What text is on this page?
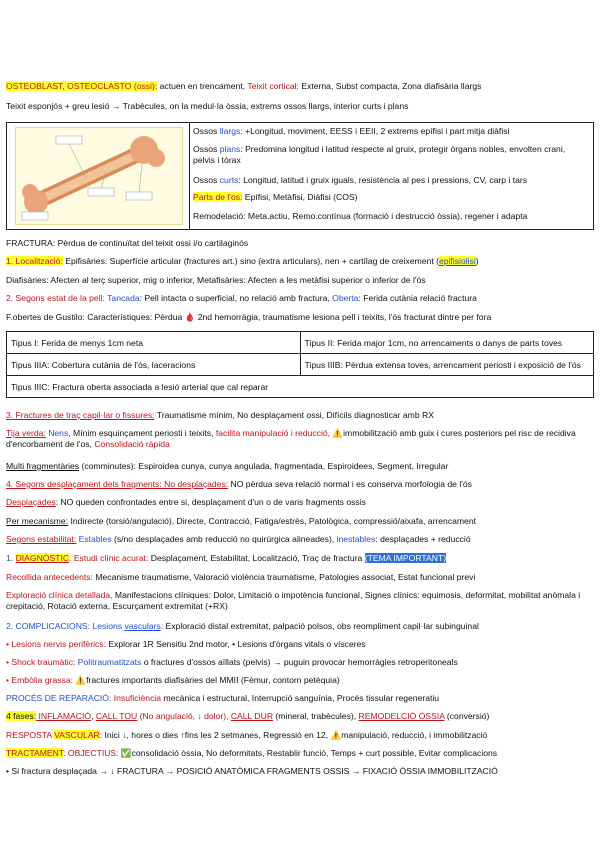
OSTEOBLAST, OSTEOCLASTO (ossi): actuen en trencament, Teixit cortical: Externa, Subst compacta, Zona diafisària llargs
Teixit esponjós + greu lesió → Trabècules, on la medul·la òssia, extrems ossos llargs, interior curts i plans
Ossos llargs: +Longitud, moviment, EESS i EEII, 2 extrems epífisi i part mitja diàfisi
Ossos plans: Predomina longitud i latitud respecte al gruix, protegir òrgans nobles, envolten crani, pelvis i tòrax
Ossos curts: Longitud, latitud i gruix iguals, resistència al pes i pressions, CV, carp i tars
Parts de l'os: Epífisi, Metàfisi, Diàfisi (COS)
Remodelació: Meta.actiu, Remo.contínua (formació i destrucció òssia), regener i adapta
FRACTURA: Pèrdua de continuïtat del teixit ossi i/o cartilaginós
1. Localització: Epifisàries: Superfície articular (fractures art.) sino (extra articulars), nen + cartílag de creixement (epifisiolisi)
Diafisàries: Afecten al terç superior, mig o inferior, Metafisàries: Afecten a les metàfisi superior o inferior de l'ós
2. Segons estat de la pell: Tancada: Pell intacta o superficial, no relació amb fractura, Oberta: Ferida cutània relació fractura
F.obertes de Gustilo: Característiques: Pèrdua 🩸 2nd hemorràgia, traumatisme lesiona pell i teixits, l'ós fracturat dintre per fora
Tipus I: Ferida de menys 1cm neta	Tipus II: Ferida major 1cm, no arrencaments o danys de parts toves
Tipus IIIA: Cobertura cutània de l'ós, laceracions	Tipus IIIB: Pèrdua extensa toves, arrencament periosti i exposició de l'ós
Tipus IIIC: Fractura oberta associada a lesió arterial que cal reparar	
3. Fractures de traç capil·lar o fissures: Traumatisme mínim, No desplaçament ossi, Difícils diagnosticar amb RX
Tija verda: Nens, Mínim esquinçament periosti i teixits, facilita manipulació i reducció, ⚠️immobilització amb guix i cures posteriors pel risc de recidiva d'encorbament de l'os, Consolidació ràpida
Multi fragmentàries (comminutes): Espiroidea cunya, cunya angulada, fragmentada, Espiroidees, Segment, Irregular
4. Segons desplaçament dels fragments: No desplaçades: NO pèrdua seva relació normal i es conserva morfologia de l'ós
Desplaçades: NO queden confrontades entre si, desplaçament d'un o de varis fragments ossis
Per mecanisme: Indirecte (torsió/angulació), Directe, Contracció, Fatiga/estrès, Patològica, compressió/aixafa, arrencament
Segons estabilitat: Estables (s/no desplaçades amb reducció no quirúrgica alineades), inestables: desplaçades + reducció
1. DIAGNÒSTIC: Estudi clínic acurat: Desplaçament, Estabilitat, Localització, Traç de fractura (TEMA IMPORTANT)
Recollida antecedents: Mecanisme traumatisme, Valoració violència traumatisme, Patologies associat, Estat funcional previ
Exploració clínica detallada, Manifestacions clíniques: Dolor, Limitació o impotència funcional, Signes clínics: equimosis, deformitat, mobilitat anòmala i crepitació, Rotació externa, Escurçament extremitat (+RX)
2. COMPLICACIONS: Lesions vasculars: Exploració distal extremitat, palpació polsos, obs reompliment capil·lar subinguinal
• Lesions nervis perifèrics: Explorar 1R Sensitiu 2nd motor, • Lesions d'òrgans vitals o vísceres
• Shock traumàtic: Politraumatitzats o fractures d'ossos aïllats (pelvis) → puguin provocar hemorràgies retroperitoneals
• Embòlia grassa: ⚠️fractures importants diafisàries del MMII (Fèmur, contorn petèquia)
PROCÉS DE REPARACIÓ: Insuficiència mecànica i estructural, Interrupció sanguínia, Procés tissular regeneratiu
4 fases: INFLAMACIÓ, CALL TOU (No angulació, ↓ dolor), CALL DUR (mineral, trabècules), REMODELCIÓ ÒSSIA (conversió)
RESPOSTA VASCULAR: Inici ↓, hores o dies ↑fins les 2 setmanes, Regressió en 12, ⚠️manipulació, reducció, i immobilització
TRACTAMENT: OBJECTIUS: ✅consolidació òssia, No deformitats, Restablir funció, Temps + curt possible, Evitar complicacions
• Si fractura desplaçada → ↓ FRACTURA → POSICIÓ ANATÒMICA FRAGMENTS OSSIS → FIXACIÓ ÒSSIA IMMOBILITZACIÓ
